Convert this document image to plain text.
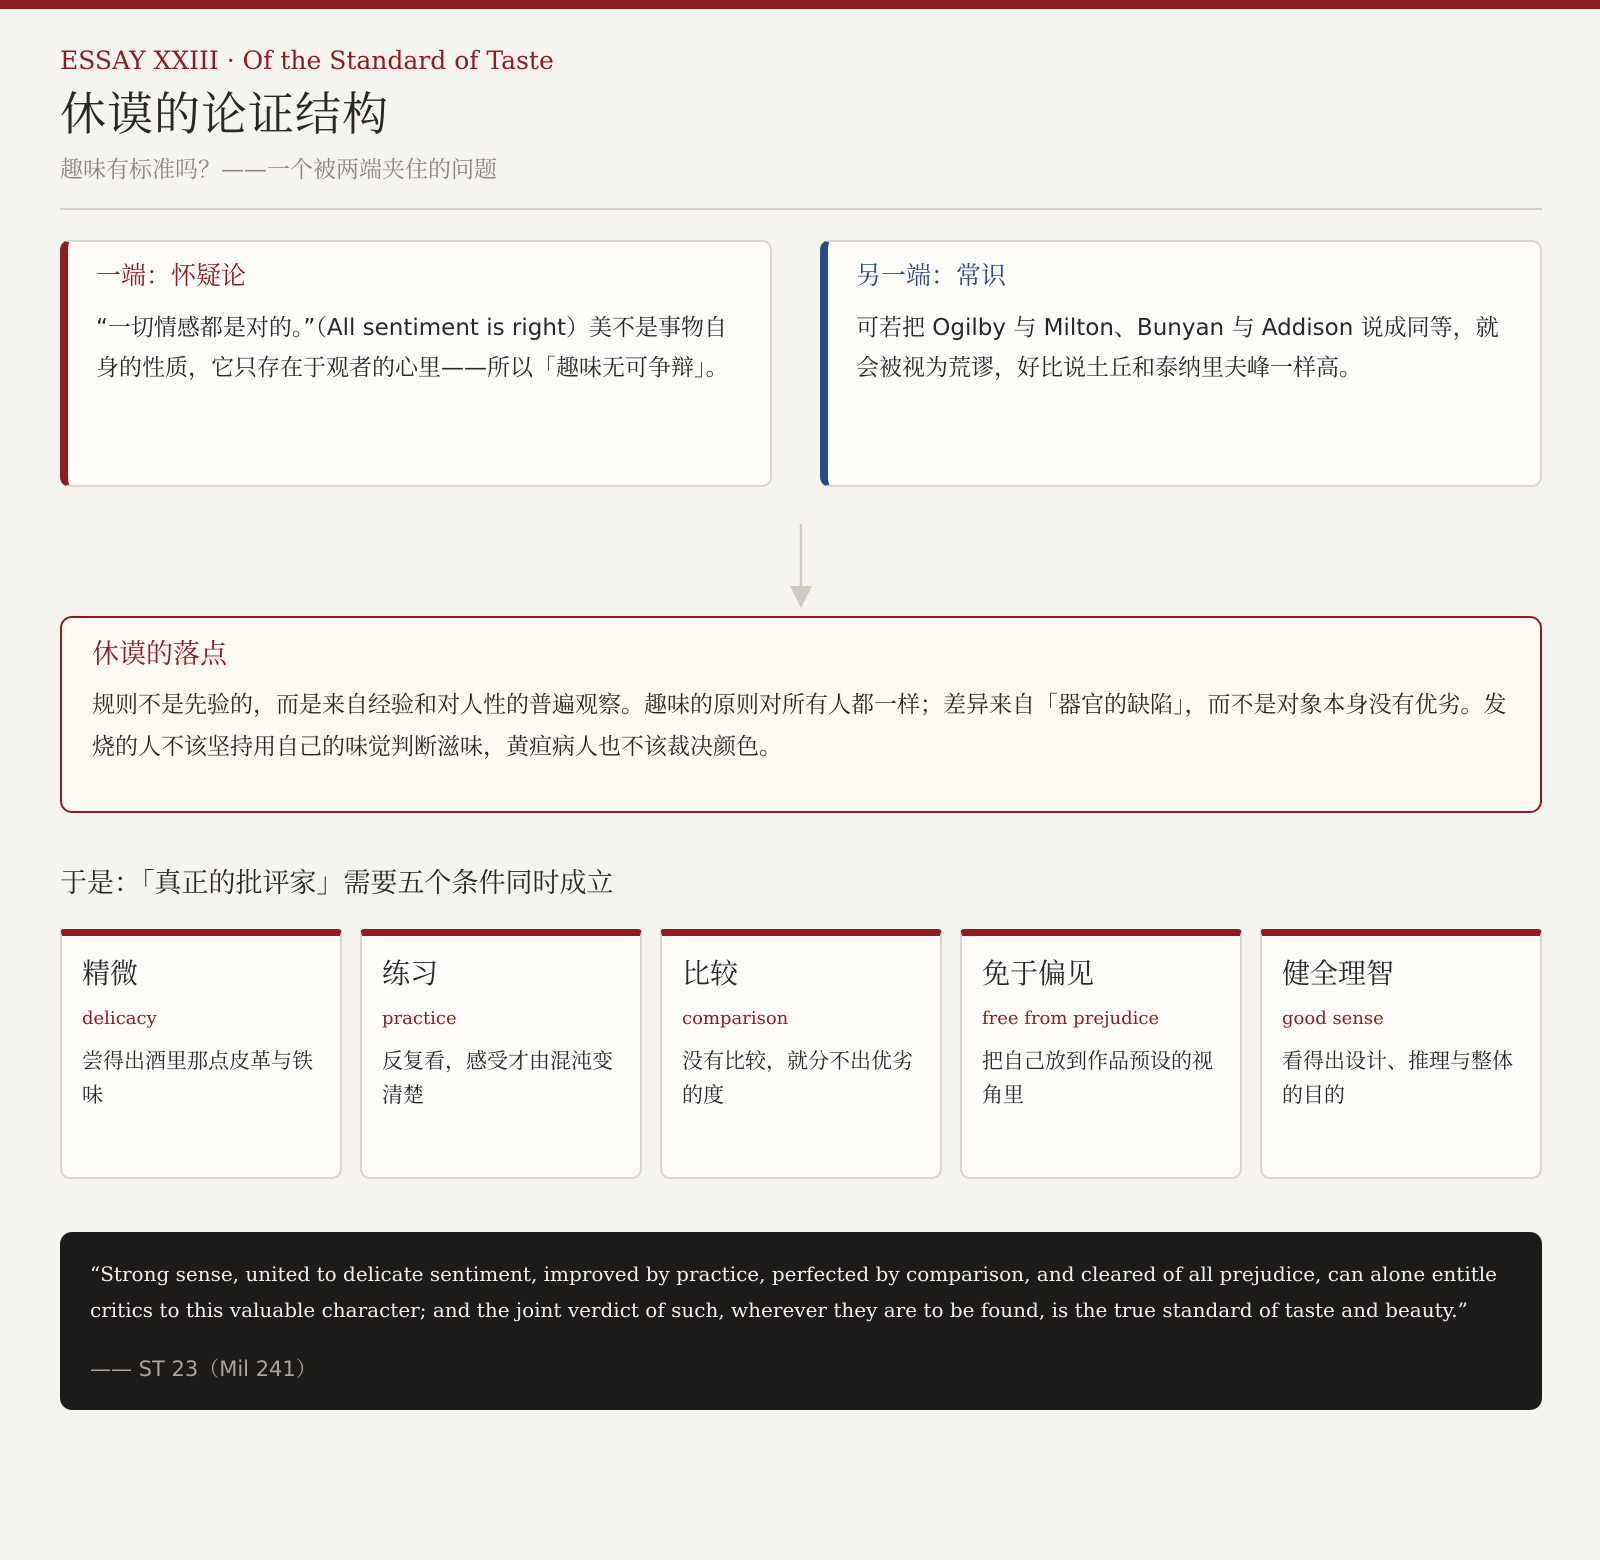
ESSAY XXIII · Of the Standard of Taste
休谟的论证结构
趣味有标准吗？——一个被两端夹住的问题
一端：怀疑论
“一切情感都是对的。”（All sentiment is right）美不是事物自身的性质，它只存在于观者的心里——所以「趣味无可争辩」。
另一端：常识
可若把 Ogilby 与 Milton、Bunyan 与 Addison 说成同等，就会被视为荒谬，好比说土丘和泰纳里夫峰一样高。
休谟的落点
规则不是先验的，而是来自经验和对人性的普遍观察。趣味的原则对所有人都一样；差异来自「器官的缺陷」，而不是对象本身没有优劣。发烧的人不该坚持用自己的味觉判断滋味，黄疸病人也不该裁决颜色。
于是：「真正的批评家」需要五个条件同时成立
精微
delicacy
尝得出酒里那点皮革与铁味
练习
practice
反复看，感受才由混沌变清楚
比较
comparison
没有比较，就分不出优劣的度
免于偏见
free from prejudice
把自己放到作品预设的视角里
健全理智
good sense
看得出设计、推理与整体的目的
“Strong sense, united to delicate sentiment, improved by practice, perfected by comparison, and cleared of all prejudice, can alone entitle critics to this valuable character; and the joint verdict of such, wherever they are to be found, is the true standard of taste and beauty.”
—— ST 23（Mil 241）
